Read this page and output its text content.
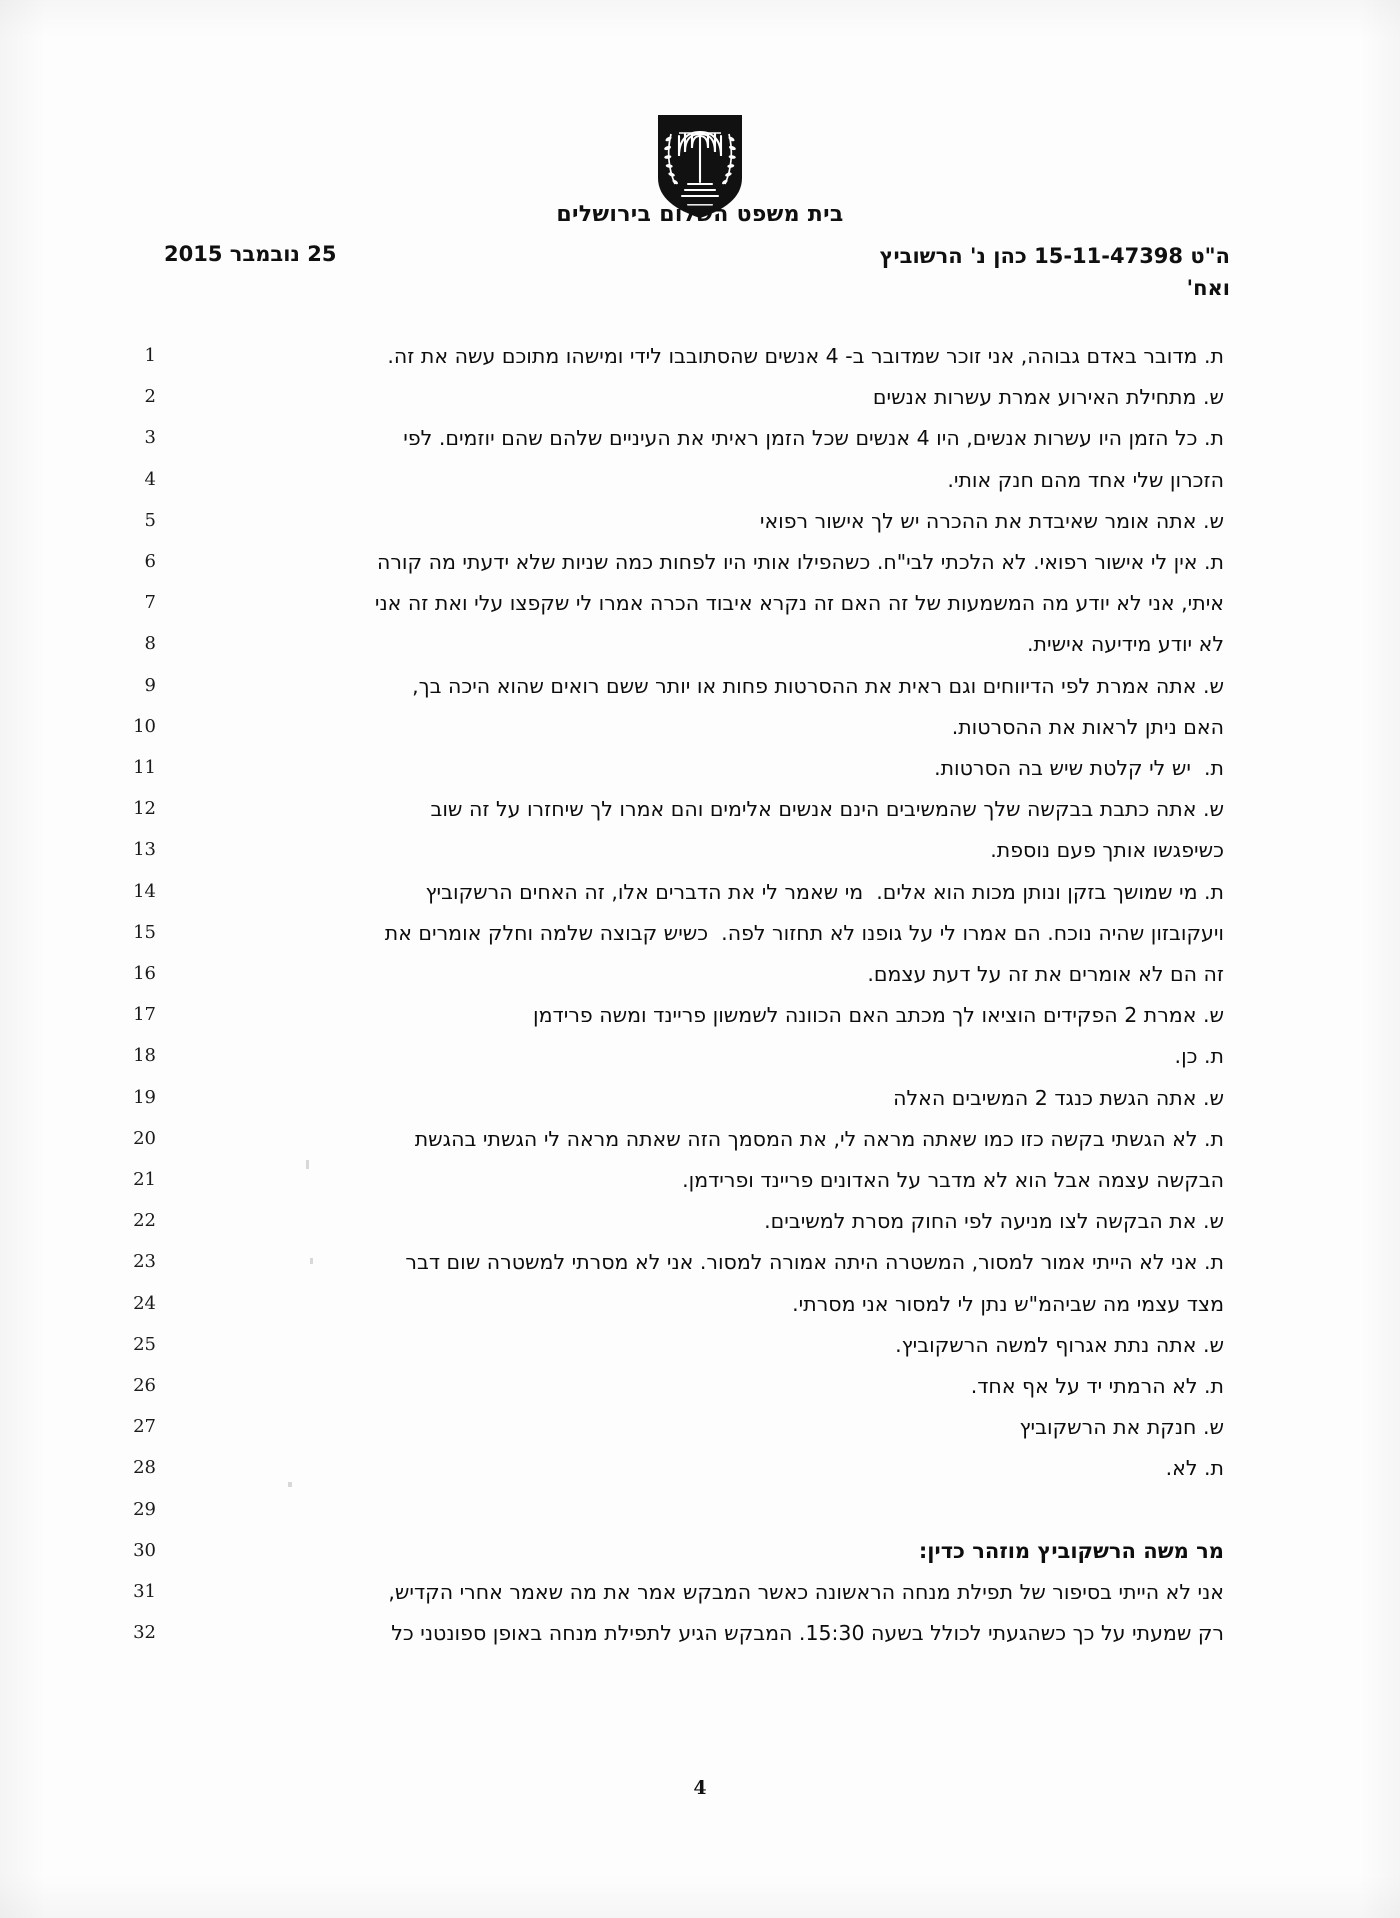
בית משפט השלום בירושלים
ה"ט 15-11-47398 כהן נ' הרשוביץ
ואח'
25 נובמבר 2015
1	ת. מדובר באדם גבוהה, אני זוכר שמדובר ב- 4 אנשים שהסתובבו לידי ומישהו מתוכם עשה את זה.
2	ש. מתחילת האירוע אמרת עשרות אנשים
3	ת. כל הזמן היו עשרות אנשים, היו 4 אנשים שכל הזמן ראיתי את העיניים שלהם שהם יוזמים. לפי
4	הזכרון שלי אחד מהם חנק אותי.
5	ש. אתה אומר שאיבדת את ההכרה יש לך אישור רפואי
6	ת. אין לי אישור רפואי. לא הלכתי לבי"ח. כשהפילו אותי היו לפחות כמה שניות שלא ידעתי מה קורה
7	איתי, אני לא יודע מה המשמעות של זה האם זה נקרא איבוד הכרה אמרו לי שקפצו עלי ואת זה אני
8	לא יודע מידיעה אישית.
9	ש. אתה אמרת לפי הדיווחים וגם ראית את ההסרטות פחות או יותר ששם רואים שהוא היכה בך,
10	האם ניתן לראות את ההסרטות.
11	ת.  יש לי קלטת שיש בה הסרטות.
12	ש. אתה כתבת בבקשה שלך שהמשיבים הינם אנשים אלימים והם אמרו לך שיחזרו על זה שוב
13	כשיפגשו אותך פעם נוספת.
14	ת. מי שמושך בזקן ונותן מכות הוא אלים.  מי שאמר לי את הדברים אלו, זה האחים הרשקוביץ
15	ויעקובזון שהיה נוכח. הם אמרו לי על גופנו לא תחזור לפה.  כשיש קבוצה שלמה וחלק אומרים את
16	זה הם לא אומרים את זה על דעת עצמם.
17	ש. אמרת 2 הפקידים הוציאו לך מכתב האם הכוונה לשמשון פריינד ומשה פרידמן
18	ת. כן.
19	ש. אתה הגשת כנגד 2 המשיבים האלה
20	ת. לא הגשתי בקשה כזו כמו שאתה מראה לי, את המסמך הזה שאתה מראה לי הגשתי בהגשת
21	הבקשה עצמה אבל הוא לא מדבר על האדונים פריינד ופרידמן.
22	ש. את הבקשה לצו מניעה לפי החוק מסרת למשיבים.
23	ת. אני לא הייתי אמור למסור, המשטרה היתה אמורה למסור. אני לא מסרתי למשטרה שום דבר
24	מצד עצמי מה שביהמ"ש נתן לי למסור אני מסרתי.
25	ש. אתה נתת אגרוף למשה הרשקוביץ.
26	ת. לא הרמתי יד על אף אחד.
27	ש. חנקת את הרשקוביץ
28	ת. לא.
29
30	מר משה הרשקוביץ מוזהר כדין:
31	אני לא הייתי בסיפור של תפילת מנחה הראשונה כאשר המבקש אמר את מה שאמר אחרי הקדיש,
32	רק שמעתי על כך כשהגעתי לכולל בשעה 15:30. המבקש הגיע לתפילת מנחה באופן ספונטני כל
4
